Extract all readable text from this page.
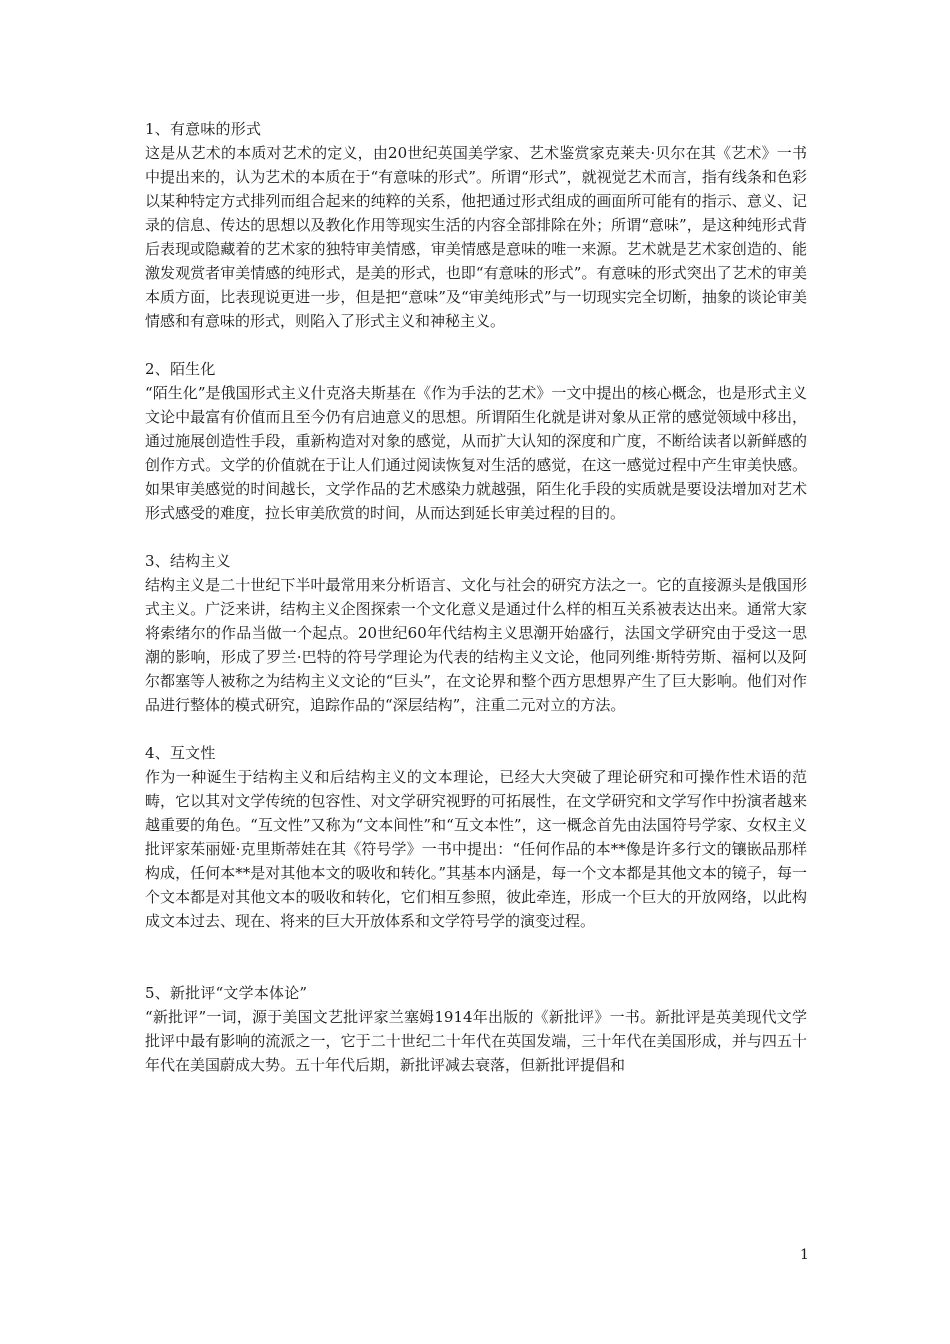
1、有意味的形式

这是从艺术的本质对艺术的定义，由20世纪英国美学家、艺术鉴赏家克莱夫·贝尔在其《艺术》一书中提出来的，认为艺术的本质在于“有意味的形式”。所谓“形式”，就视觉艺术而言，指有线条和色彩以某种特定方式排列而组合起来的纯粹的关系，他把通过形式组成的画面所可能有的指示、意义、记录的信息、传达的思想以及教化作用等现实生活的内容全部排除在外；所谓“意味”，是这种纯形式背后表现或隐藏着的艺术家的独特审美情感，审美情感是意味的唯一来源。艺术就是艺术家创造的、能激发观赏者审美情感的纯形式，是美的形式，也即“有意味的形式”。有意味的形式突出了艺术的审美本质方面，比表现说更进一步，但是把“意味”及“审美纯形式”与一切现实完全切断，抽象的谈论审美情感和有意味的形式，则陷入了形式主义和神秘主义。

2、陌生化

“陌生化”是俄国形式主义什克洛夫斯基在《作为手法的艺术》一文中提出的核心概念，也是形式主义文论中最富有价值而且至今仍有启迪意义的思想。所谓陌生化就是讲对象从正常的感觉领域中移出，通过施展创造性手段，重新构造对对象的感觉，从而扩大认知的深度和广度，不断给读者以新鲜感的创作方式。文学的价值就在于让人们通过阅读恢复对生活的感觉，在这一感觉过程中产生审美快感。如果审美感觉的时间越长，文学作品的艺术感染力就越强，陌生化手段的实质就是要设法增加对艺术形式感受的难度，拉长审美欣赏的时间，从而达到延长审美过程的目的。

3、结构主义

结构主义是二十世纪下半叶最常用来分析语言、文化与社会的研究方法之一。它的直接源头是俄国形式主义。广泛来讲，结构主义企图探索一个文化意义是通过什么样的相互关系被表达出来。通常大家将索绪尔的作品当做一个起点。20世纪60年代结构主义思潮开始盛行，法国文学研究由于受这一思潮的影响，形成了罗兰·巴特的符号学理论为代表的结构主义文论，他同列维·斯特劳斯、福柯以及阿尔都塞等人被称之为结构主义文论的“巨头”，在文论界和整个西方思想界产生了巨大影响。他们对作品进行整体的模式研究，追踪作品的“深层结构”，注重二元对立的方法。

4、互文性

作为一种诞生于结构主义和后结构主义的文本理论，已经大大突破了理论研究和可操作性术语的范畴，它以其对文学传统的包容性、对文学研究视野的可拓展性，在文学研究和文学写作中扮演者越来越重要的角色。“互文性”又称为“文本间性”和“互文本性”，这一概念首先由法国符号学家、女权主义批评家茱丽娅·克里斯蒂娃在其《符号学》一书中提出：“任何作品的本**像是许多行文的镶嵌品那样构成，任何本**是对其他本文的吸收和转化。”其基本内涵是，每一个文本都是其他文本的镜子，每一个文本都是对其他文本的吸收和转化，它们相互参照，彼此牵连，形成一个巨大的开放网络，以此构成文本过去、现在、将来的巨大开放体系和文学符号学的演变过程。

5、新批评“文学本体论”

“新批评”一词，源于美国文艺批评家兰塞姆1914年出版的《新批评》一书。新批评是英美现代文学批评中最有影响的流派之一，它于二十世纪二十年代在英国发端，三十年代在美国形成，并与四五十年代在美国蔚成大势。五十年代后期，新批评减去衰落，但新批评提倡和

1
